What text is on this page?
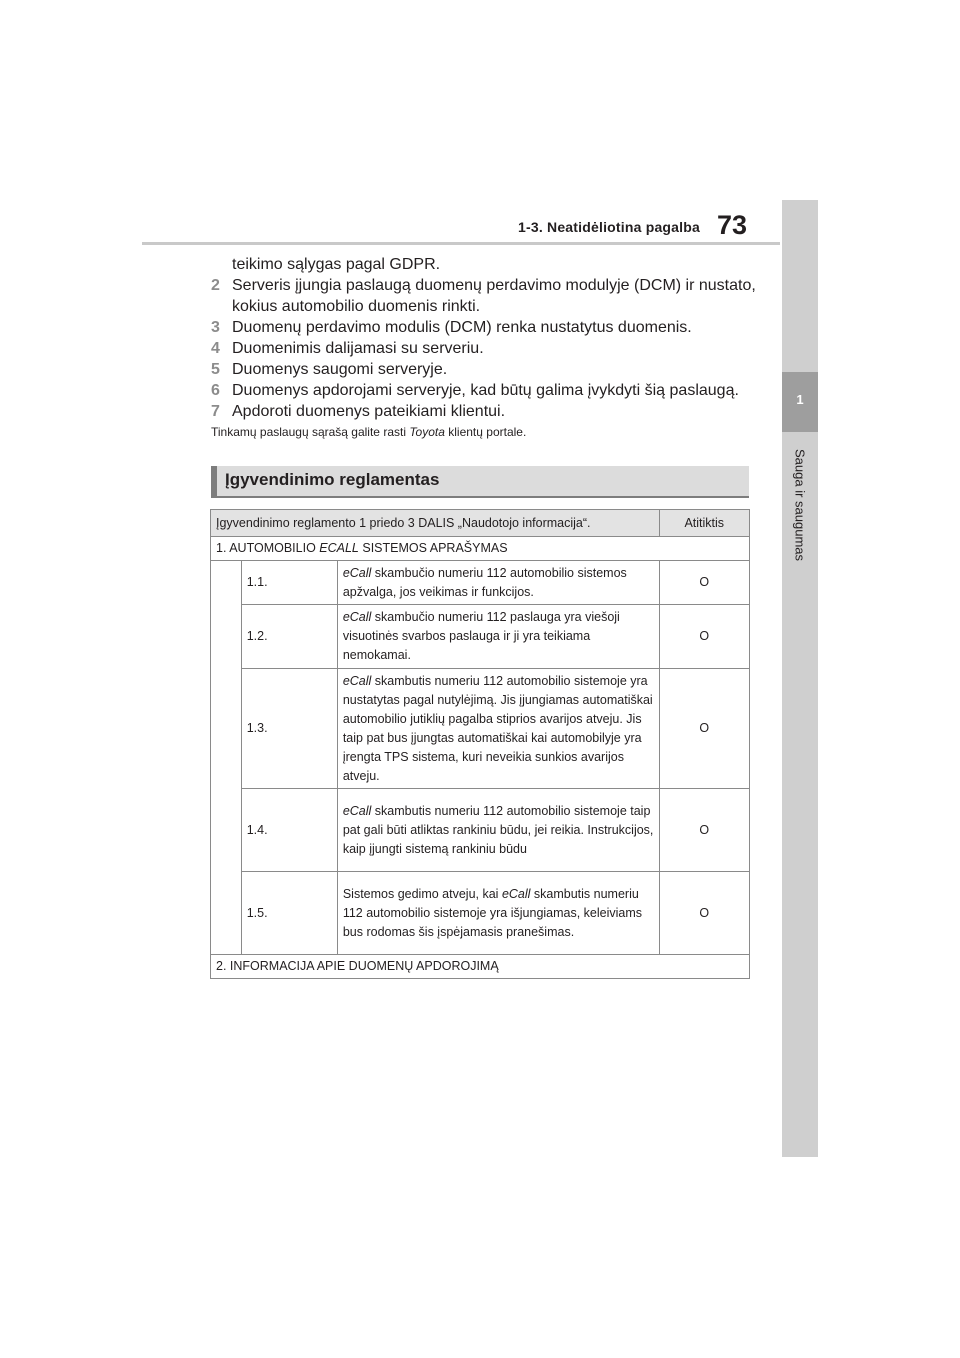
1-3. Neatidėliotina pagalba 73
1
Sauga ir saugumas
teikimo sąlygas pagal GDPR.
2 Serveris įjungia paslaugą duomenų perdavimo modulyje (DCM) ir nustato, kokius automobilio duomenis rinkti.
3 Duomenų perdavimo modulis (DCM) renka nustatytus duomenis.
4 Duomenimis dalijamasi su serveriu.
5 Duomenys saugomi serveryje.
6 Duomenys apdorojami serveryje, kad būtų galima įvykdyti šią paslaugą.
7 Apdoroti duomenys pateikiami klientui.
Tinkamų paslaugų sąrašą galite rasti Toyota klientų portale.
Įgyvendinimo reglamentas
Įgyvendinimo reglamento 1 priedo 3 DALIS „Naudotojo informacija“.			Atitiktis
1. AUTOMOBILIO ECALL SISTEMOS APRAŠYMAS			
	1.1.	eCall skambučio numeriu 112 automobilio sistemos apžvalga, jos veikimas ir funkcijos.	O
	1.2.	eCall skambučio numeriu 112 paslauga yra viešoji visuotinės svarbos paslauga ir ji yra teikiama nemokamai.	O
	1.3.	eCall skambutis numeriu 112 automobilio sistemoje yra nustatytas pagal nutylėjimą. Jis įjungiamas automatiškai automobilio jutiklių pagalba stiprios avarijos atveju. Jis taip pat bus įjungtas automatiškai kai automobilyje yra įrengta TPS sistema, kuri neveikia sunkios avarijos atveju.	O
	1.4.	eCall skambutis numeriu 112 automobilio sistemoje taip pat gali būti atliktas rankiniu būdu, jei reikia. Instrukcijos, kaip įjungti sistemą rankiniu būdu	O
	1.5.	Sistemos gedimo atveju, kai eCall skambutis numeriu 112 automobilio sistemoje yra išjungiamas, keleiviams bus rodomas šis įspėjamasis pranešimas.	O
2. INFORMACIJA APIE DUOMENŲ APDOROJIMĄ			
